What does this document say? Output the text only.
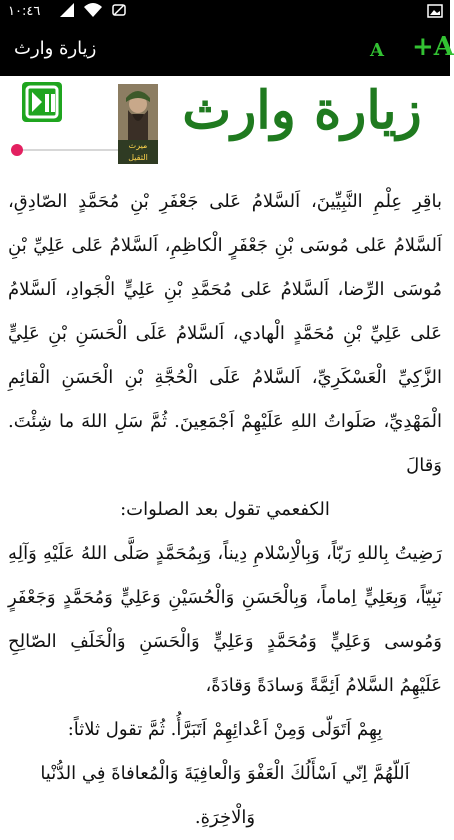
١٠:٤٦
زيارة وارث	A +A
ميرث الثقيل
زيارة وارث

باقِرِ عِلْمِ النَّبِيِّينَ، اَلسَّلامُ عَلى جَعْفَرِ بْنِ مُحَمَّدٍ الصّادِقِ، اَلسَّلامُ عَلى مُوسَى بْنِ جَعْفَرٍ الْكاظِمِ، اَلسَّلامُ عَلى عَلِيِّ بْنِ مُوسَى الرِّضا، اَلسَّلامُ عَلى مُحَمَّدِ بْنِ عَلِيٍّ الْجَوادِ، اَلسَّلامُ عَلى عَلِيِّ بْنِ مُحَمَّدٍ الْهادي، اَلسَّلامُ عَلَى الْحَسَنِ بْنِ عَلِيٍّ الزَّكِيِّ الْعَسْكَرِيِّ، اَلسَّلامُ عَلَى الْحُجَّةِ بْنِ الْحَسَنِ الْقائِمِ الْمَهْدِيِّ، صَلَواتُ اللهِ عَلَيْهِمْ اَجْمَعِينَ. ثُمَّ سَلِ اللهَ ما شِئْتَ. وَقالَ

الكفعمي تقول بعد الصلوات:

رَضِيتُ بِاللهِ رَبّاً، وَبِالْاِسْلامِ دِيناً، وَبِمُحَمَّدٍ صَلَّى اللهُ عَلَيْهِ وَآلِهِ نَبِيّاً، وَبِعَلِيٍّ اِماماً، وَبِالْحَسَنِ وَالْحُسَيْنِ وَعَلِيٍّ وَمُحَمَّدٍ وَجَعْفَرٍ وَمُوسى وَعَلِيٍّ وَمُحَمَّدٍ وَعَلِيٍّ وَالْحَسَنِ وَالْخَلَفِ الصّالِحِ عَلَيْهِمُ السَّلامُ اَئِمَّةً وَسادَةً وَقادَةً،

بِهِمْ اَتَوَلّى وَمِنْ اَعْدائِهِمْ اَتَبَرَّأُ. ثُمَّ تقول ثلاثاً:

اَللّهُمَّ اِنّي اَسْأَلُكَ الْعَفْوَ وَالْعافِيَةَ وَالْمُعافاةَ فِي الدُّنْيا وَالْاخِرَةِ.
